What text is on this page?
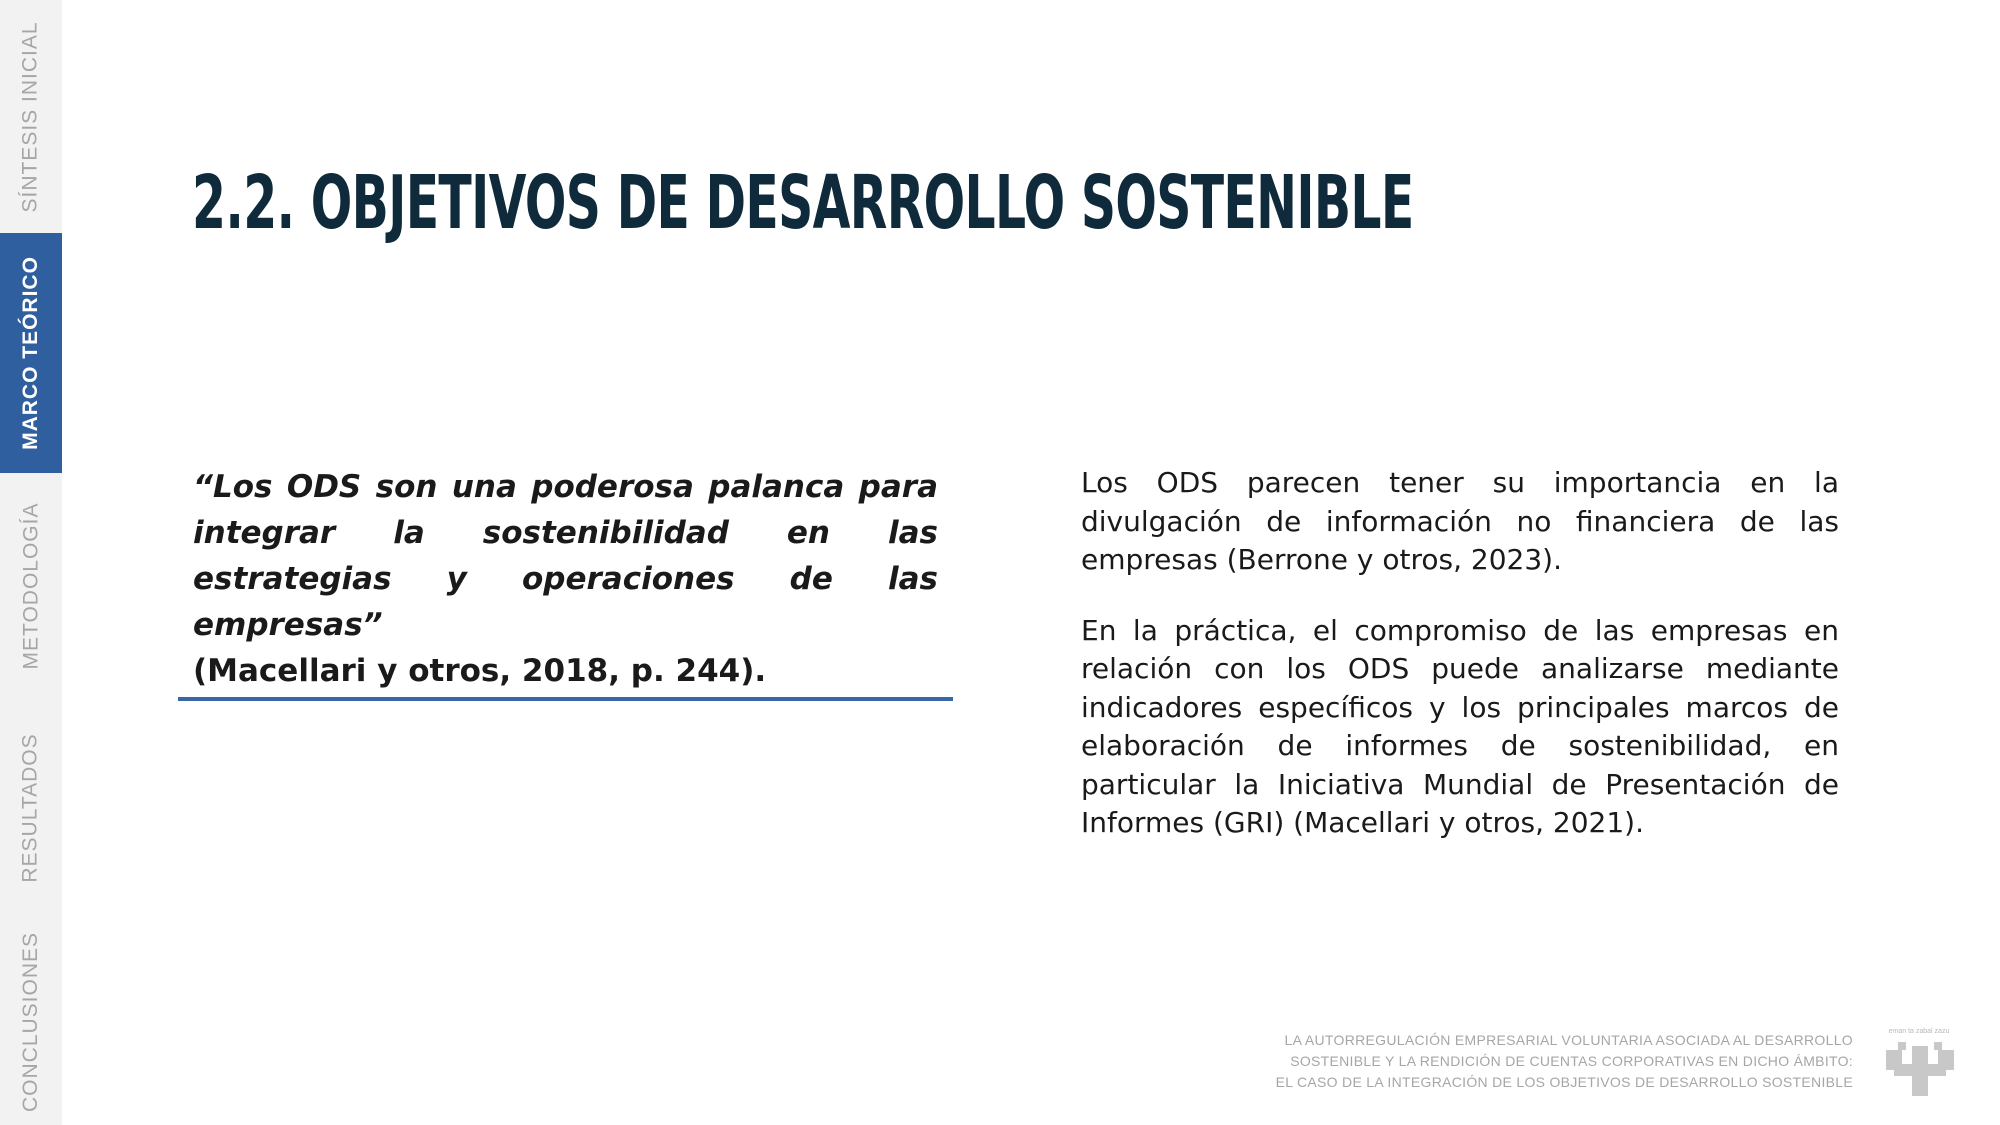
SÍNTESIS INICIAL
MARCO TEÓRICO
METODOLOGÍA
RESULTADOS
CONCLUSIONES
2.2. OBJETIVOS DE DESARROLLO SOSTENIBLE
“Los ODS son una poderosa palanca para integrar la sostenibilidad en las estrategias y operaciones de las empresas”
(Macellari y otros, 2018, p. 244).

Los ODS parecen tener su importancia en la divulgación de información no financiera de las empresas (Berrone y otros, 2023).

En la práctica, el compromiso de las empresas en relación con los ODS puede analizarse mediante indicadores específicos y los principales marcos de elaboración de informes de sostenibilidad, en particular la Iniciativa Mundial de Presentación de Informes (GRI) (Macellari y otros, 2021).

LA AUTORREGULACIÓN EMPRESARIAL VOLUNTARIA ASOCIADA AL DESARROLLO
SOSTENIBLE Y LA RENDICIÓN DE CUENTAS CORPORATIVAS EN DICHO ÁMBITO:
EL CASO DE LA INTEGRACIÓN DE LOS OBJETIVOS DE DESARROLLO SOSTENIBLE
eman ta zabal zazu
